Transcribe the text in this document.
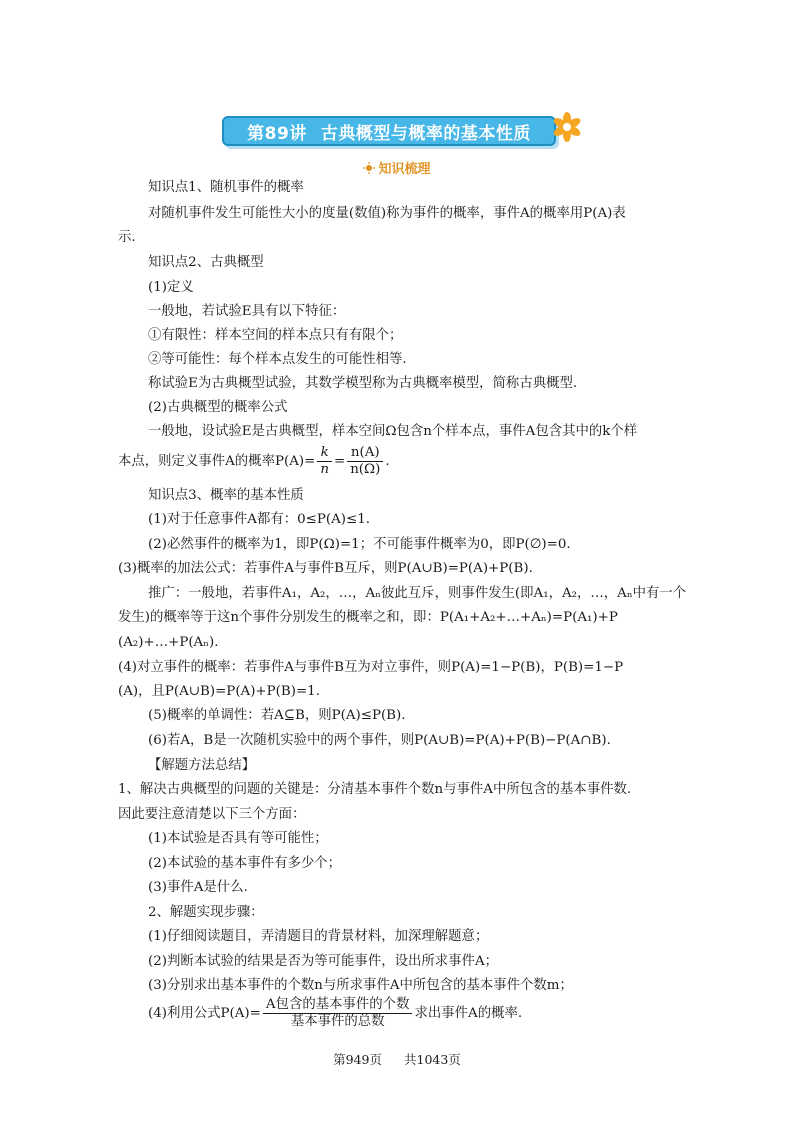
第89讲 古典概型与概率的基本性质
知识梳理
知识点1、随机事件的概率
对随机事件发生可能性大小的度量(数值)称为事件的概率，事件A的概率用P(A)表
示.
知识点2、古典概型
(1)定义
一般地，若试验E具有以下特征：
①有限性：样本空间的样本点只有有限个；
②等可能性：每个样本点发生的可能性相等.
称试验E为古典概型试验，其数学模型称为古典概率模型，简称古典概型.
(2)古典概型的概率公式
一般地，设试验E是古典概型，样本空间Ω包含n个样本点，事件A包含其中的k个样
本点，则定义事件A的概率$P(A)= \frac{k}{n} = \frac{n(A)}{n(\Omega)}$ .
知识点3、概率的基本性质
(1)对于任意事件A都有：0≤P(A)≤1.
(2)必然事件的概率为1，即P(Ω)=1；不可能事件概率为0，即P(∅)=0.
(3)概率的加法公式：若事件A与事件B互斥，则P(A∪B)=P(A)+P(B).
推广：一般地，若事件A₁，A₂，…，Aₙ彼此互斥，则事件发生(即A₁，A₂，…，Aₙ中有一个
发生)的概率等于这n个事件分别发生的概率之和，即：P(A₁+A₂+…+Aₙ)=P(A₁)+P
(A₂)+…+P(Aₙ).
(4)对立事件的概率：若事件A与事件B互为对立事件，则P(A)=1−P(B)，P(B)=1−P
(A)，且P(A∪B)=P(A)+P(B)=1.
(5)概率的单调性：若A⊆B，则P(A)≤P(B).
(6)若A，B是一次随机实验中的两个事件，则P(A∪B)=P(A)+P(B)−P(A∩B).
【解题方法总结】
1、解决古典概型的问题的关键是：分清基本事件个数n与事件A中所包含的基本事件数.
因此要注意清楚以下三个方面：
(1)本试验是否具有等可能性；
(2)本试验的基本事件有多少个；
(3)事件A是什么.
2、解题实现步骤：
(1)仔细阅读题目，弄清题目的背景材料，加深理解题意；
(2)判断本试验的结果是否为等可能事件，设出所求事件A；
(3)分别求出基本事件的个数n与所求事件A中所包含的基本事件个数m；
(4)利用公式$P(A)= \frac{\text{A包含的基本事件的个数}}{\text{基本事件的总数}}$ 求出事件A的概率.
第949页 共1043页
